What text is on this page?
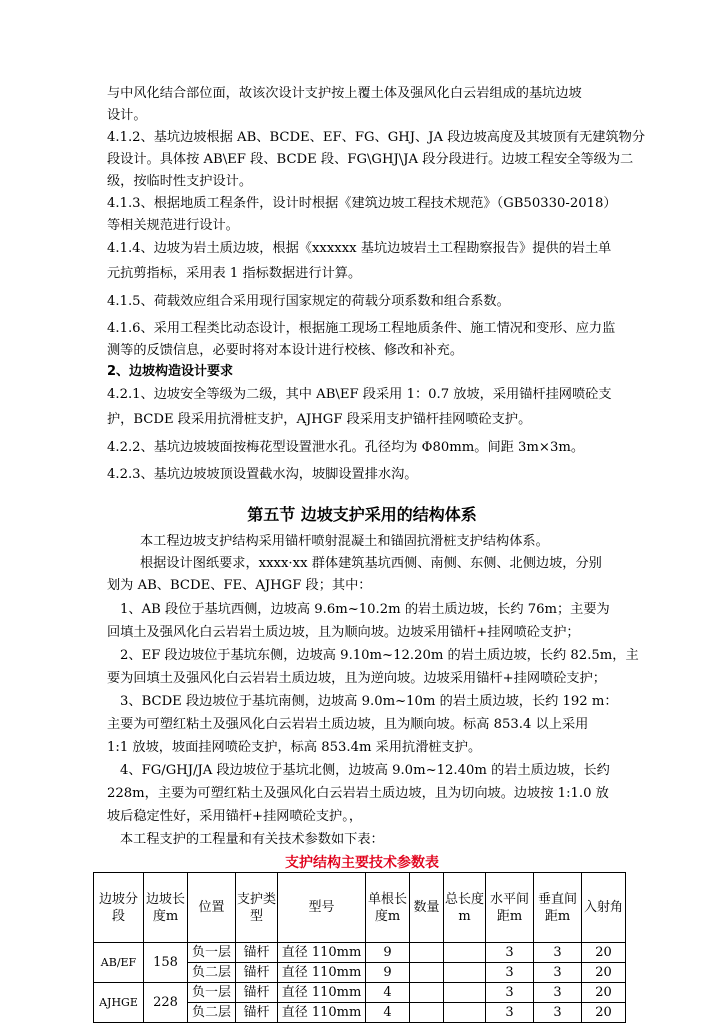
与中风化结合部位面，故该次设计支护按上覆土体及强风化白云岩组成的基坑边坡
设计。
4.1.2、基坑边坡根据 AB、BCDE、EF、FG、GHJ、JA 段边坡高度及其坡顶有无建筑物分
段设计。具体按 AB\EF 段、BCDE 段、FG\GHJ\JA 段分段进行。边坡工程安全等级为二
级，按临时性支护设计。
4.1.3、根据地质工程条件，设计时根据《建筑边坡工程技术规范》（GB50330-2018）
等相关规范进行设计。
4.1.4、边坡为岩土质边坡，根据《xxxxxx 基坑边坡岩土工程勘察报告》提供的岩土单
元抗剪指标，采用表 1 指标数据进行计算。
4.1.5、荷载效应组合采用现行国家规定的荷载分项系数和组合系数。
4.1.6、采用工程类比动态设计，根据施工现场工程地质条件、施工情况和变形、应力监
测等的反馈信息，必要时将对本设计进行校核、修改和补充。
2、边坡构造设计要求
4.2.1、边坡安全等级为二级，其中 AB\EF 段采用 1：0.7 放坡，采用锚杆挂网喷砼支
护，BCDE 段采用抗滑桩支护，AJHGF 段采用支护锚杆挂网喷砼支护。
4.2.2、基坑边坡坡面按梅花型设置泄水孔。孔径均为 Φ80mm。间距 3m×3m。
4.2.3、基坑边坡坡顶设置截水沟，坡脚设置排水沟。
第五节 边坡支护采用的结构体系
本工程边坡支护结构采用锚杆喷射混凝土和锚固抗滑桩支护结构体系。
根据设计图纸要求，xxxx·xx 群体建筑基坑西侧、南侧、东侧、北侧边坡，分别
划为 AB、BCDE、FE、AJHGF 段；其中：
1、AB 段位于基坑西侧，边坡高 9.6m~10.2m 的岩土质边坡，长约 76m；主要为
回填土及强风化白云岩岩土质边坡，且为顺向坡。边坡采用锚杆+挂网喷砼支护；
2、EF 段边坡位于基坑东侧，边坡高 9.10m~12.20m 的岩土质边坡，长约 82.5m，主
要为回填土及强风化白云岩岩土质边坡，且为逆向坡。边坡采用锚杆+挂网喷砼支护；
3、BCDE 段边坡位于基坑南侧，边坡高 9.0m~10m 的岩土质边坡，长约 192 m：
主要为可塑红粘土及强风化白云岩岩土质边坡，且为顺向坡。标高 853.4 以上采用
1:1 放坡，坡面挂网喷砼支护，标高 853.4m 采用抗滑桩支护。
4、FG/GHJ/JA 段边坡位于基坑北侧，边坡高 9.0m~12.40m 的岩土质边坡，长约
228m，主要为可塑红粘土及强风化白云岩岩土质边坡，且为切向坡。边坡按 1:1.0 放
坡后稳定性好，采用锚杆+挂网喷砼支护。，
本工程支护的工程量和有关技术参数如下表：
支护结构主要技术参数表
边坡分段	边坡长度m	位置	支护类型	型号	单根长度m	数量	总长度m	水平间距m	垂直间距m	入射角
AB/EF	158	负一层	锚杆	直径 110mm	9			3	3	20
		负二层	锚杆	直径 110mm	9			3	3	20
AJHGE	228	负一层	锚杆	直径 110mm	4			3	3	20
		负二层	锚杆	直径 110mm	4			3	3	20
